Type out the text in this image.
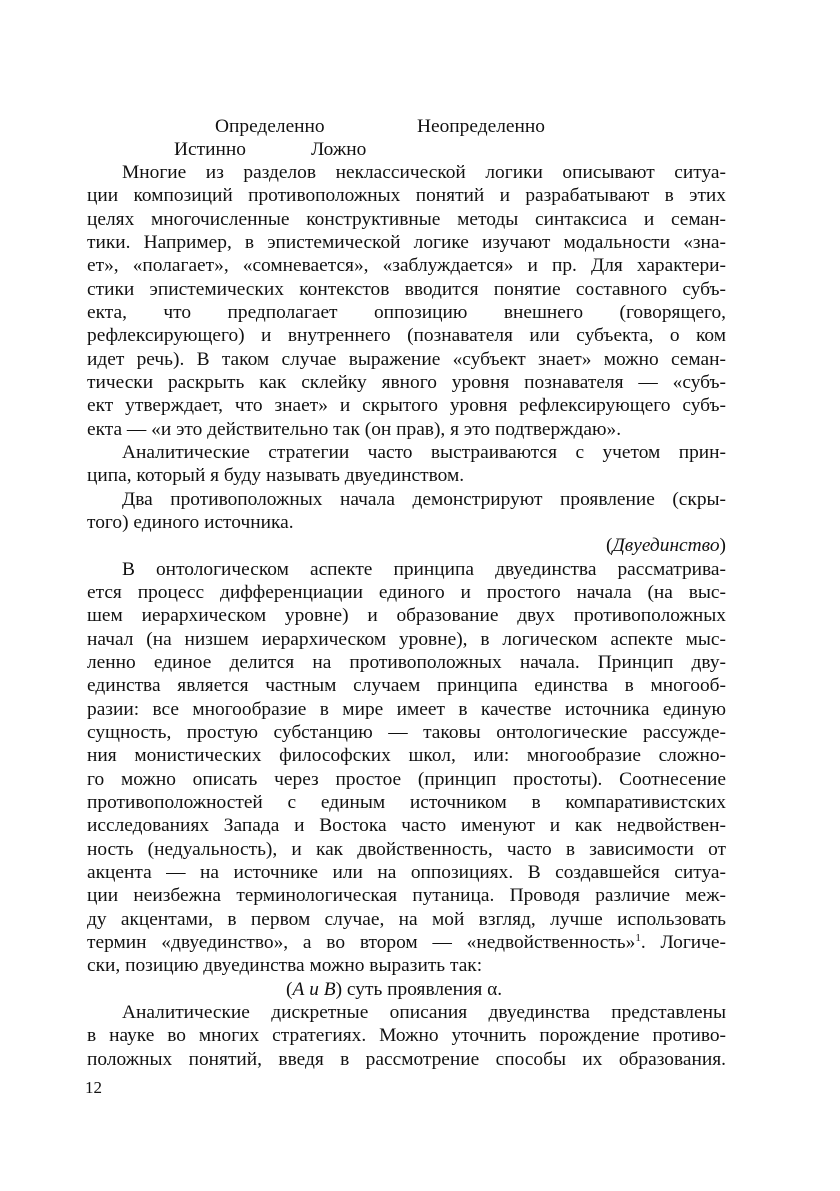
Определенно	Неопределенно
Истинно	Ложно
Многие из разделов неклассической логики описывают ситуа-
ции композиций противоположных понятий и разрабатывают в этих
целях многочисленные конструктивные методы синтаксиса и семан-
тики. Например, в эпистемической логике изучают модальности «зна-
ет», «полагает», «сомневается», «заблуждается» и пр. Для характери-
стики эпистемических контекстов вводится понятие составного субъ-
екта, что предполагает оппозицию внешнего (говорящего,
рефлексирующего) и внутреннего (познавателя или субъекта, о ком
идет речь). В таком случае выражение «субъект знает» можно семан-
тически раскрыть как склейку явного уровня познавателя — «субъ-
ект утверждает, что знает» и скрытого уровня рефлексирующего субъ-
екта — «и это действительно так (он прав), я это подтверждаю».
Аналитические стратегии часто выстраиваются с учетом прин-
ципа, который я буду называть двуединством.
Два противоположных начала демонстрируют проявление (скры-
того) единого источника.
(Двуединство)
В онтологическом аспекте принципа двуединства рассматрива-
ется процесс дифференциации единого и простого начала (на выс-
шем иерархическом уровне) и образование двух противоположных
начал (на низшем иерархическом уровне), в логическом аспекте мыс-
ленно единое делится на противоположных начала. Принцип дву-
единства является частным случаем принципа единства в многооб-
разии: все многообразие в мире имеет в качестве источника единую
сущность, простую субстанцию — таковы онтологические рассужде-
ния монистических философских школ, или: многообразие сложно-
го можно описать через простое (принцип простоты). Соотнесение
противоположностей с единым источником в компаративистских
исследованиях Запада и Востока часто именуют и как недвойствен-
ность (недуальность), и как двойственность, часто в зависимости от
акцента — на источнике или на оппозициях. В создавшейся ситуа-
ции неизбежна терминологическая путаница. Проводя различие меж-
ду акцентами, в первом случае, на мой взгляд, лучше использовать
термин «двуединство», а во втором — «недвойственность»$^1$. Логиче-
ски, позицию двуединства можно выразить так:
(А и В) суть проявления α.
Аналитические дискретные описания двуединства представлены
в науке во многих стратегиях. Можно уточнить порождение противо-
положных понятий, введя в рассмотрение способы их образования.
12
